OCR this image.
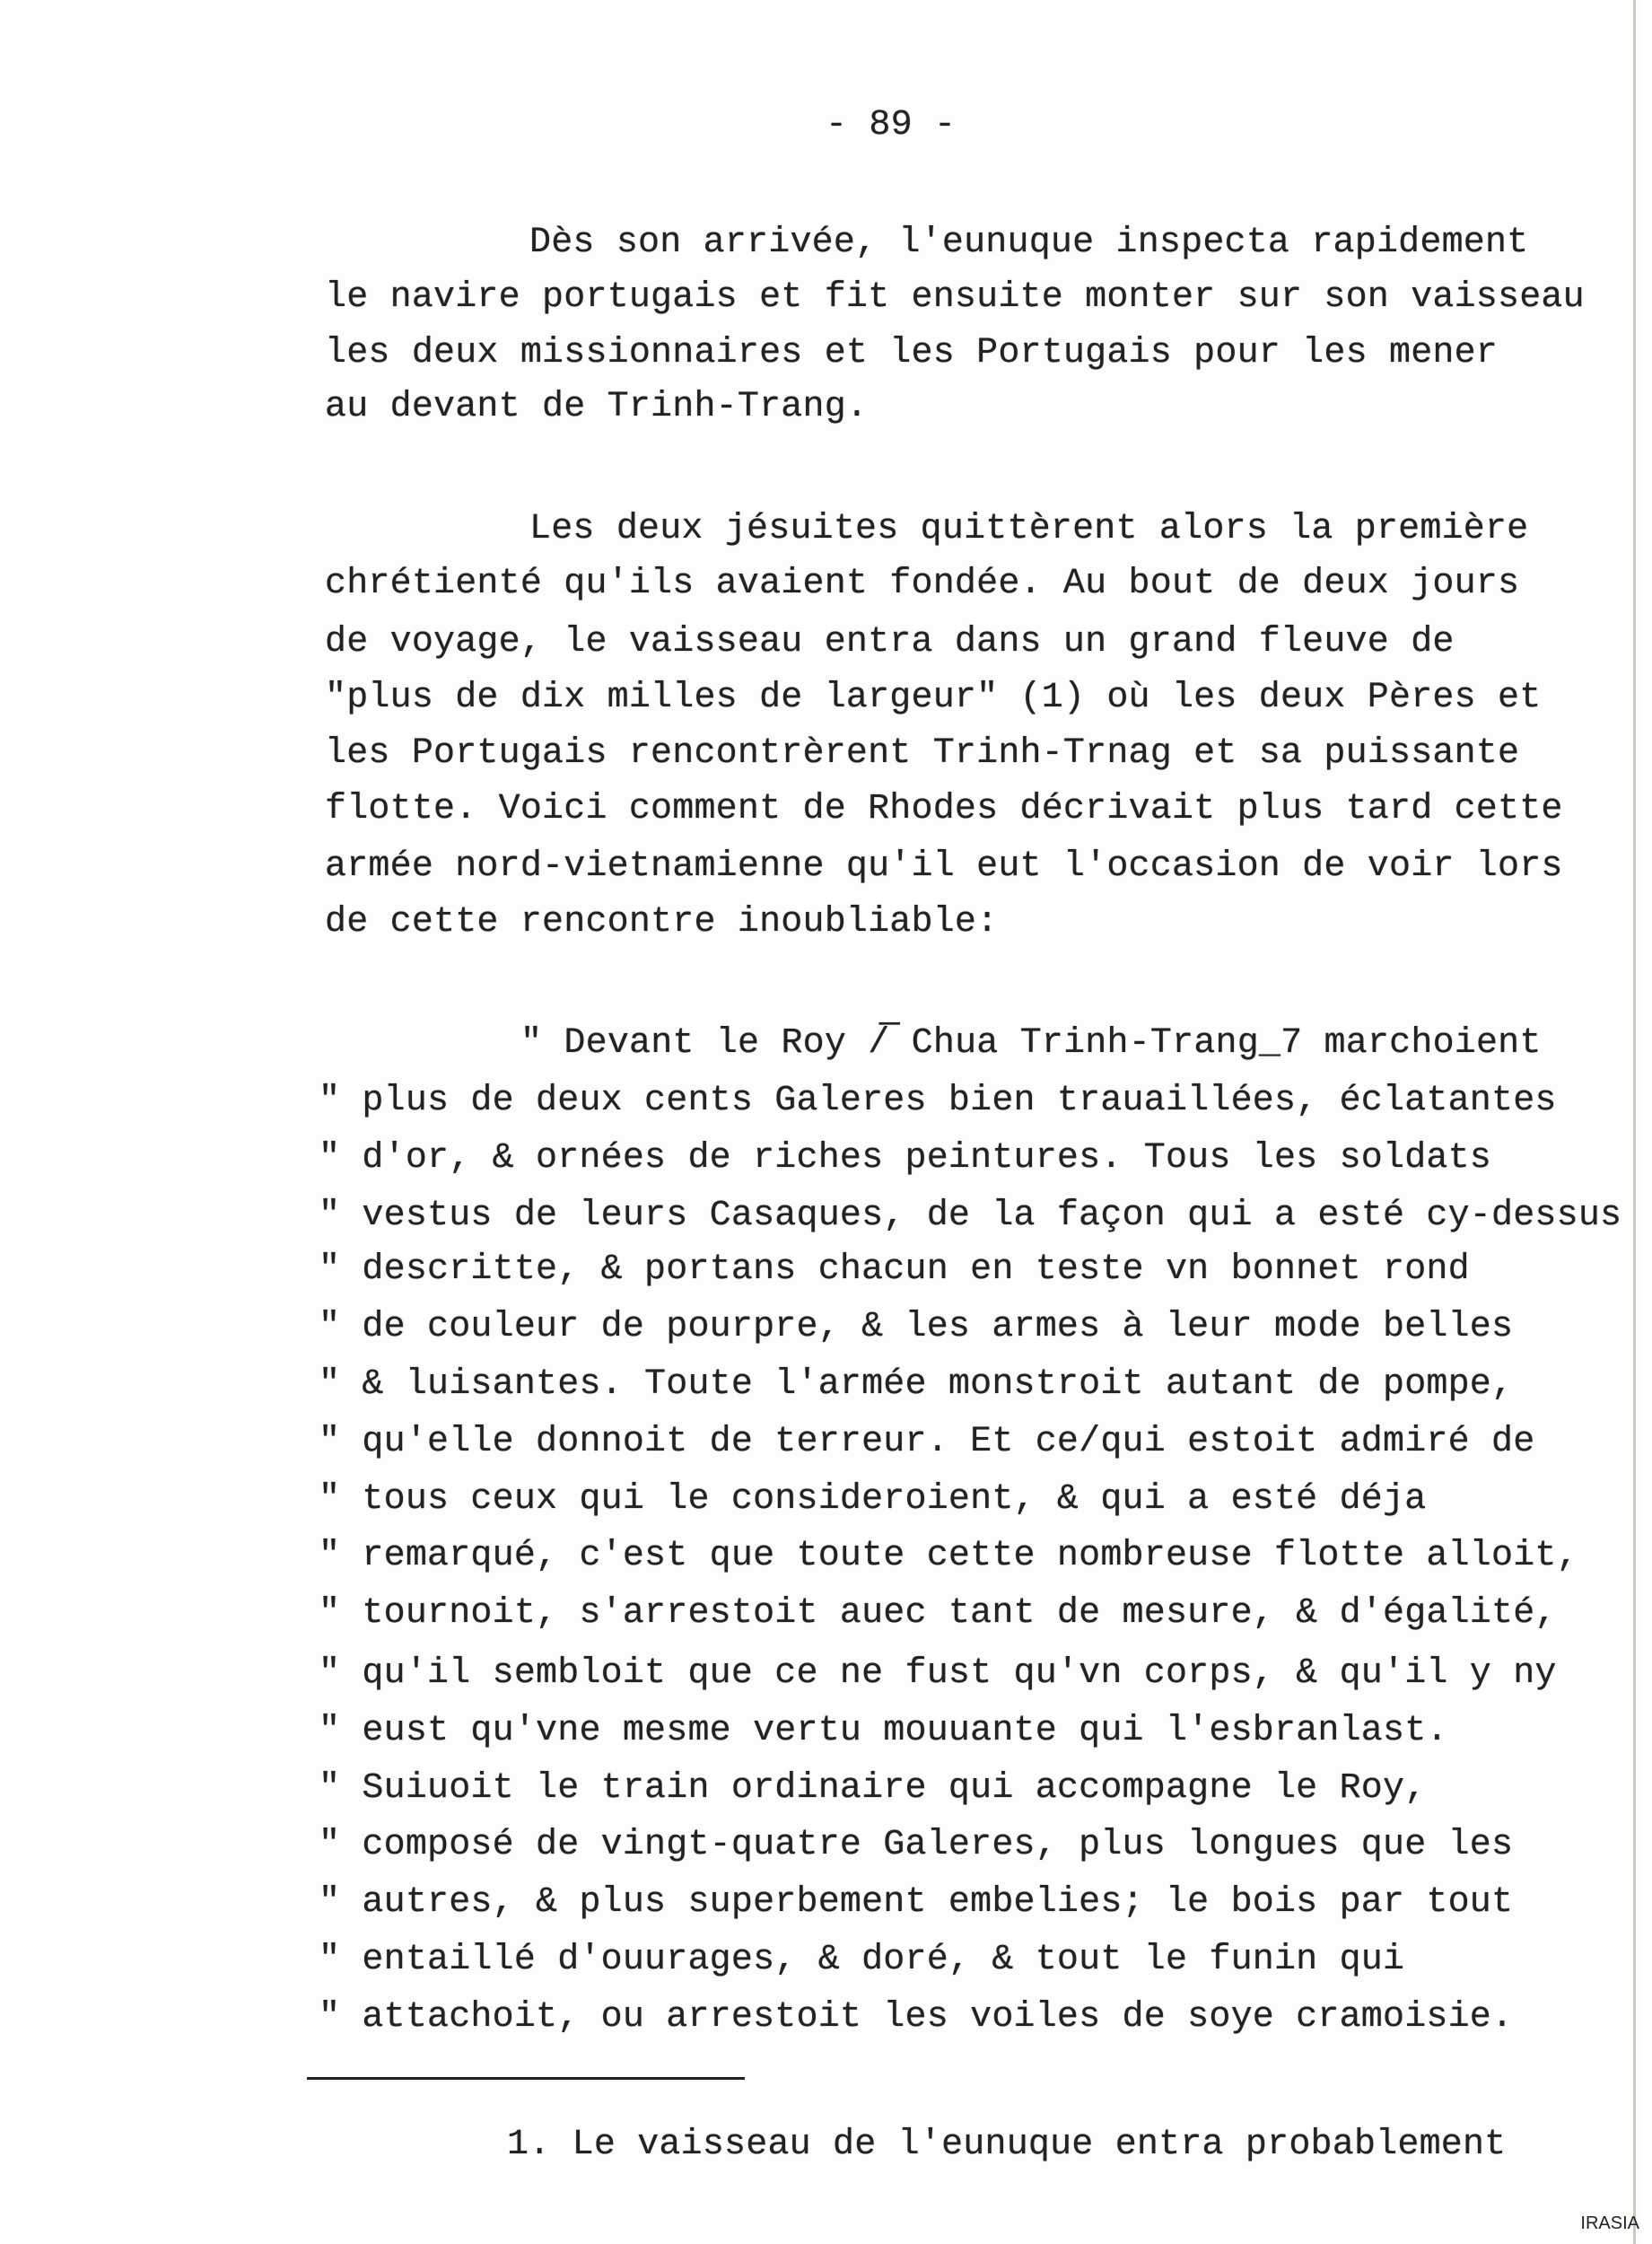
- 89 -
Dès son arrivée, l'eunuque inspecta rapidement
le navire portugais et fit ensuite monter sur son vaisseau
les deux missionnaires et les Portugais pour les mener
au devant de Trinh-Trang.
Les deux jésuites quittèrent alors la première
chrétienté qu'ils avaient fondée. Au bout de deux jours
de voyage, le vaisseau entra dans un grand fleuve de
"plus de dix milles de largeur" (1) où les deux Pères et
les Portugais rencontrèrent Trinh-Trnag et sa puissante
flotte. Voici comment de Rhodes décrivait plus tard cette
armée nord-vietnamienne qu'il eut l'occasion de voir lors
de cette rencontre inoubliable:
" Devant le Roy /̅ Chua Trinh-Trang_7 marchoient
" plus de deux cents Galeres bien trauaillées, éclatantes
" d'or, & ornées de riches peintures. Tous les soldats
" vestus de leurs Casaques, de la façon qui a esté cy-dessus
" descritte, & portans chacun en teste vn bonnet rond
" de couleur de pourpre, & les armes à leur mode belles
" & luisantes. Toute l'armée monstroit autant de pompe,
" qu'elle donnoit de terreur. Et ce/qui estoit admiré de
" tous ceux qui le consideroient, & qui a esté déja
" remarqué, c'est que toute cette nombreuse flotte alloit,
" tournoit, s'arrestoit auec tant de mesure, & d'égalité,
" qu'il sembloit que ce ne fust qu'vn corps, & qu'il y ny
" eust qu'vne mesme vertu mouuante qui l'esbranlast.
" Suiuoit le train ordinaire qui accompagne le Roy,
" composé de vingt-quatre Galeres, plus longues que les
" autres, & plus superbement embelies; le bois par tout
" entaillé d'ouurages, & doré, & tout le funin qui
" attachoit, ou arrestoit les voiles de soye cramoisie.
1. Le vaisseau de l'eunuque entra probablement
IRASIA
